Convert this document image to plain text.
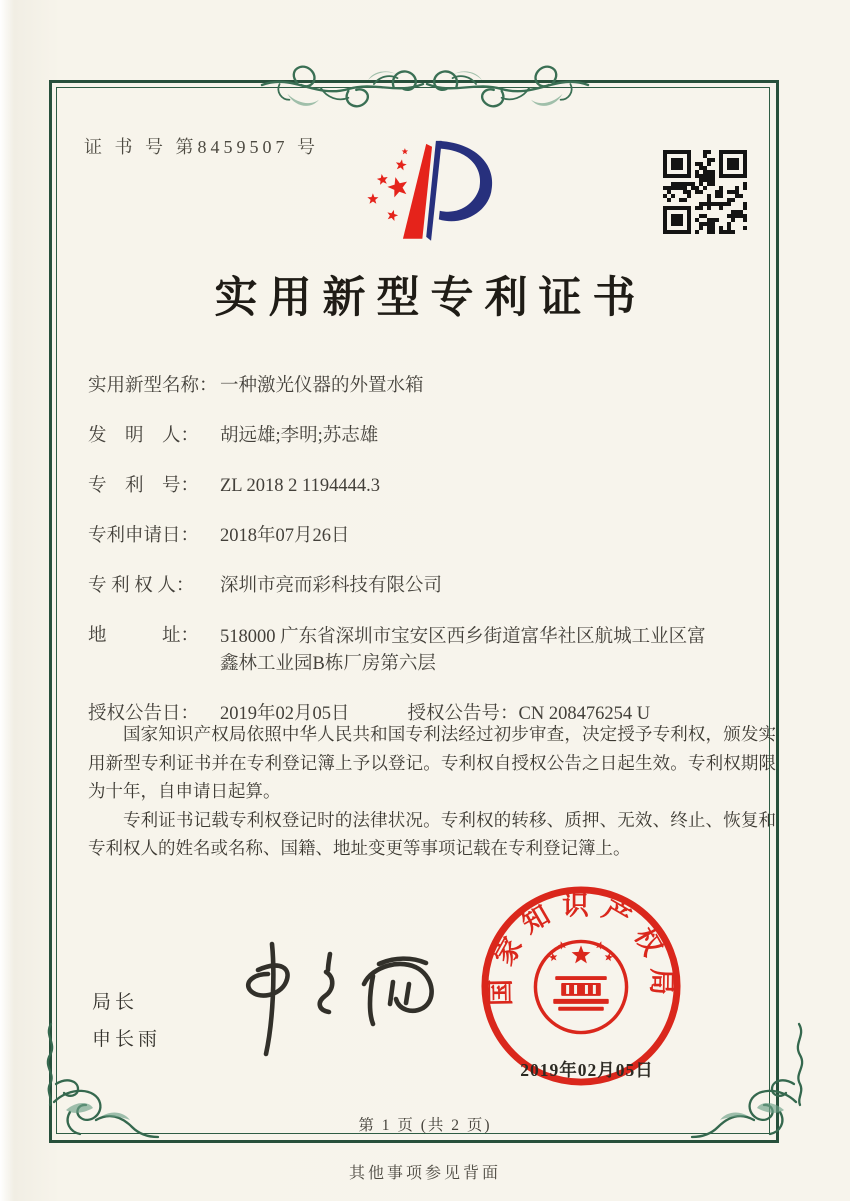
证 书 号 第8459507 号
实用新型专利证书
实用新型名称： 一种激光仪器的外置水箱
发　明　人：	胡远雄;李明;苏志雄
专　利　号：	ZL 2018 2 1194444.3
专利申请日：	2018年07月26日
专 利 权 人：	深圳市亮而彩科技有限公司
地　　　址：	518000 广东省深圳市宝安区西乡街道富华社区航城工业区富鑫林工业园B栋厂房第六层
授权公告日：	2019年02月05日	授权公告号： CN 208476254 U

国家知识产权局依照中华人民共和国专利法经过初步审查，决定授予专利权，颁发实用新型专利证书并在专利登记簿上予以登记。专利权自授权公告之日起生效。专利权期限为十年，自申请日起算。

专利证书记载专利权登记时的法律状况。专利权的转移、质押、无效、终止、恢复和专利权人的姓名或名称、国籍、地址变更等事项记载在专利登记簿上。

局长
申长雨
国家知识产权局
2019年02月05日
第 1 页 (共 2 页)
其他事项参见背面
